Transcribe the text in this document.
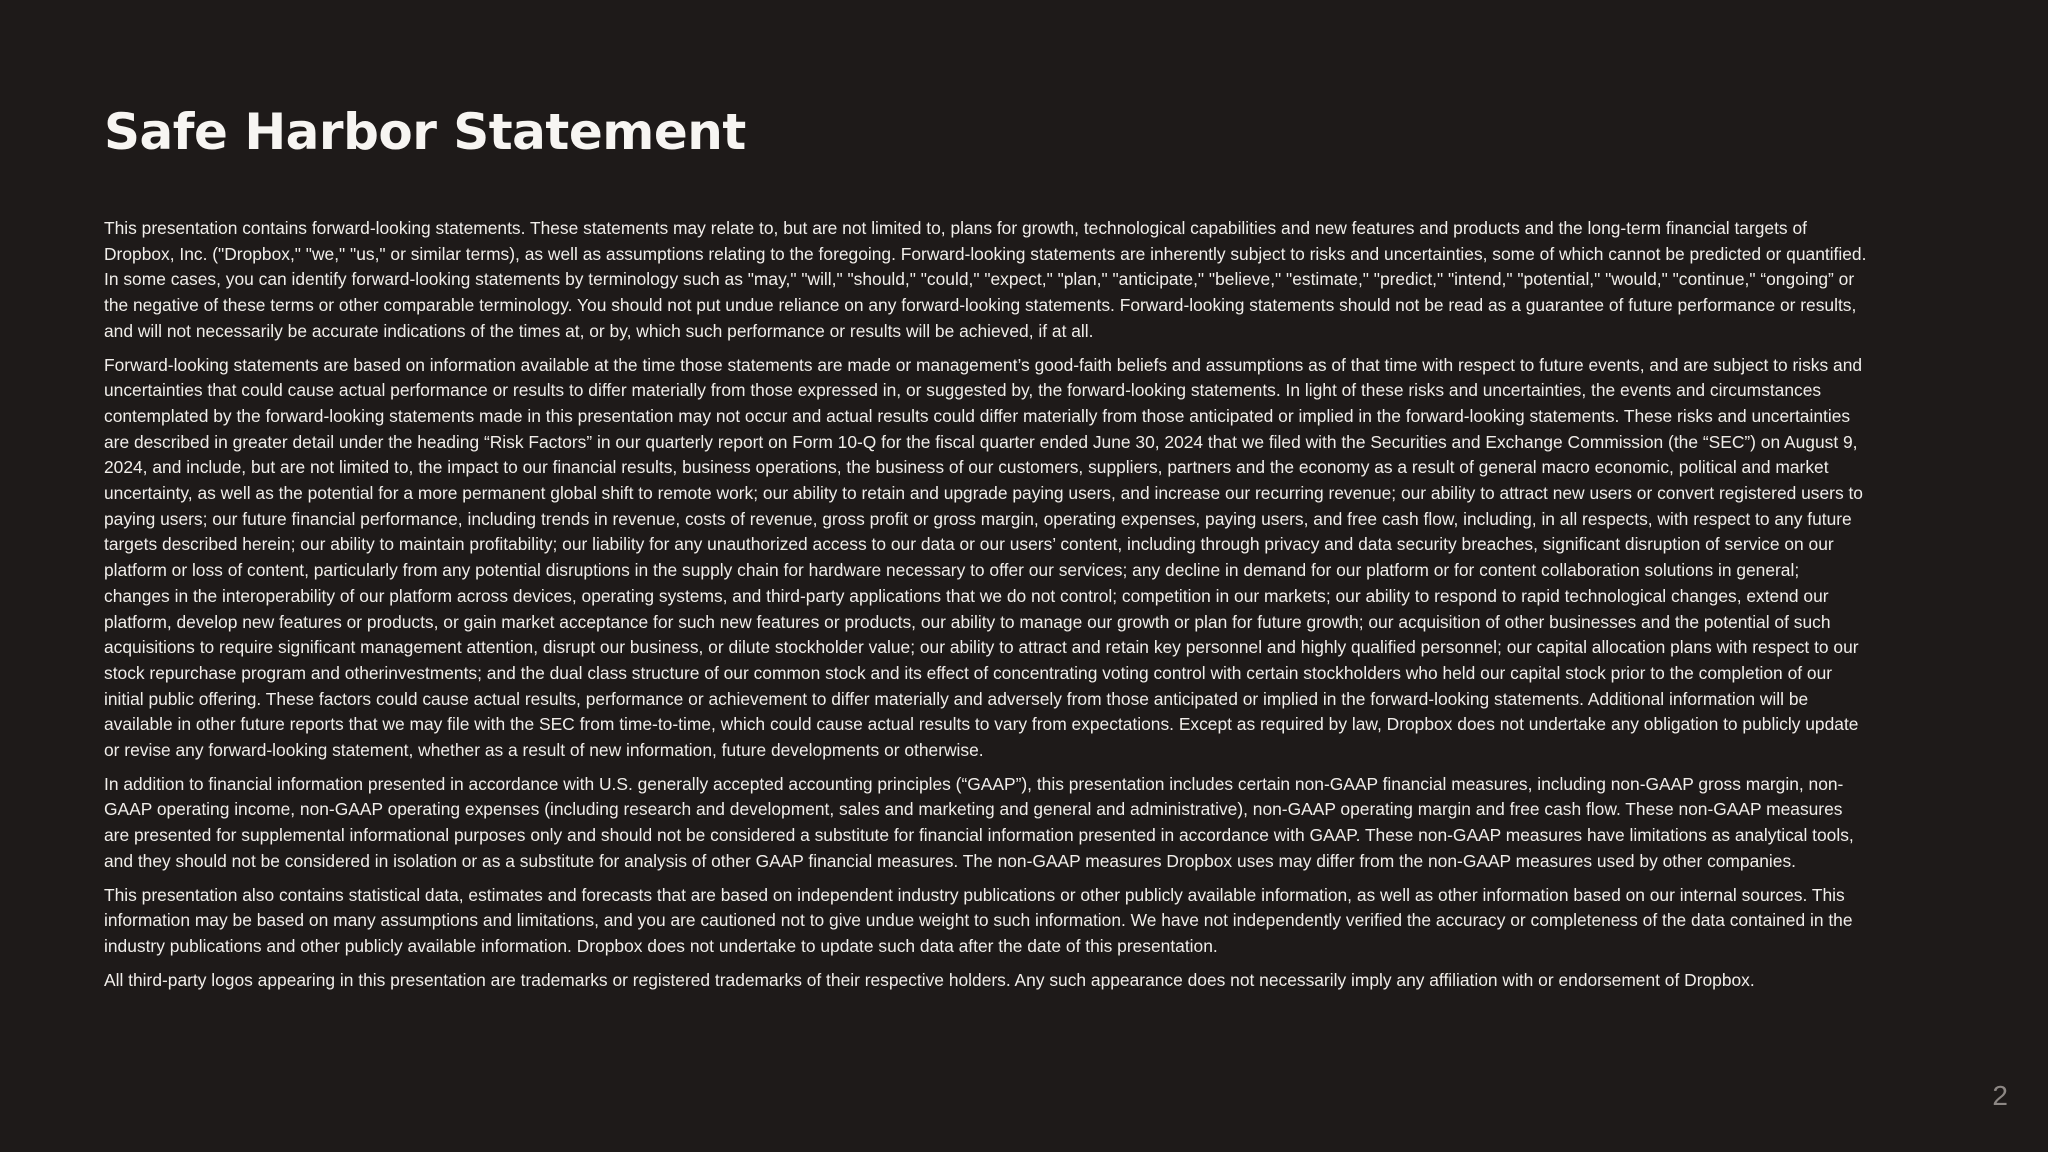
Safe Harbor Statement

This presentation contains forward-looking statements. These statements may relate to, but are not limited to, plans for growth, technological capabilities and new features and products and the long-term financial targets of Dropbox, Inc. ("Dropbox," "we," "us," or similar terms), as well as assumptions relating to the foregoing. Forward-looking statements are inherently subject to risks and uncertainties, some of which cannot be predicted or quantified. In some cases, you can identify forward-looking statements by terminology such as "may," "will," "should," "could," "expect," "plan," "anticipate," "believe," "estimate," "predict," "intend," "potential," "would," "continue," “ongoing” or the negative of these terms or other comparable terminology. You should not put undue reliance on any forward-looking statements. Forward-looking statements should not be read as a guarantee of future performance or results, and will not necessarily be accurate indications of the times at, or by, which such performance or results will be achieved, if at all.

Forward-looking statements are based on information available at the time those statements are made or management’s good-faith beliefs and assumptions as of that time with respect to future events, and are subject to risks and uncertainties that could cause actual performance or results to differ materially from those expressed in, or suggested by, the forward-looking statements. In light of these risks and uncertainties, the events and circumstances contemplated by the forward-looking statements made in this presentation may not occur and actual results could differ materially from those anticipated or implied in the forward-looking statements. These risks and uncertainties are described in greater detail under the heading “Risk Factors” in our quarterly report on Form 10-Q for the fiscal quarter ended June 30, 2024 that we filed with the Securities and Exchange Commission (the “SEC”) on August 9, 2024, and include, but are not limited to, the impact to our financial results, business operations, the business of our customers, suppliers, partners and the economy as a result of general macro economic, political and market uncertainty, as well as the potential for a more permanent global shift to remote work; our ability to retain and upgrade paying users, and increase our recurring revenue; our ability to attract new users or convert registered users to paying users; our future financial performance, including trends in revenue, costs of revenue, gross profit or gross margin, operating expenses, paying users, and free cash flow, including, in all respects, with respect to any future targets described herein; our ability to maintain profitability; our liability for any unauthorized access to our data or our users’ content, including through privacy and data security breaches, significant disruption of service on our platform or loss of content, particularly from any potential disruptions in the supply chain for hardware necessary to offer our services; any decline in demand for our platform or for content collaboration solutions in general; changes in the interoperability of our platform across devices, operating systems, and third-party applications that we do not control; competition in our markets; our ability to respond to rapid technological changes, extend our platform, develop new features or products, or gain market acceptance for such new features or products, our ability to manage our growth or plan for future growth; our acquisition of other businesses and the potential of such acquisitions to require significant management attention, disrupt our business, or dilute stockholder value; our ability to attract and retain key personnel and highly qualified personnel; our capital allocation plans with respect to our stock repurchase program and otherinvestments; and the dual class structure of our common stock and its effect of concentrating voting control with certain stockholders who held our capital stock prior to the completion of our initial public offering. These factors could cause actual results, performance or achievement to differ materially and adversely from those anticipated or implied in the forward-looking statements. Additional information will be available in other future reports that we may file with the SEC from time-to-time, which could cause actual results to vary from expectations. Except as required by law, Dropbox does not undertake any obligation to publicly update or revise any forward-looking statement, whether as a result of new information, future developments or otherwise.

In addition to financial information presented in accordance with U.S. generally accepted accounting principles (“GAAP”), this presentation includes certain non-GAAP financial measures, including non-GAAP gross margin, non-GAAP operating income, non-GAAP operating expenses (including research and development, sales and marketing and general and administrative), non-GAAP operating margin and free cash flow. These non-GAAP measures are presented for supplemental informational purposes only and should not be considered a substitute for financial information presented in accordance with GAAP. These non-GAAP measures have limitations as analytical tools, and they should not be considered in isolation or as a substitute for analysis of other GAAP financial measures. The non-GAAP measures Dropbox uses may differ from the non-GAAP measures used by other companies.

This presentation also contains statistical data, estimates and forecasts that are based on independent industry publications or other publicly available information, as well as other information based on our internal sources. This information may be based on many assumptions and limitations, and you are cautioned not to give undue weight to such information. We have not independently verified the accuracy or completeness of the data contained in the industry publications and other publicly available information. Dropbox does not undertake to update such data after the date of this presentation.

All third-party logos appearing in this presentation are trademarks or registered trademarks of their respective holders. Any such appearance does not necessarily imply any affiliation with or endorsement of Dropbox.

2
